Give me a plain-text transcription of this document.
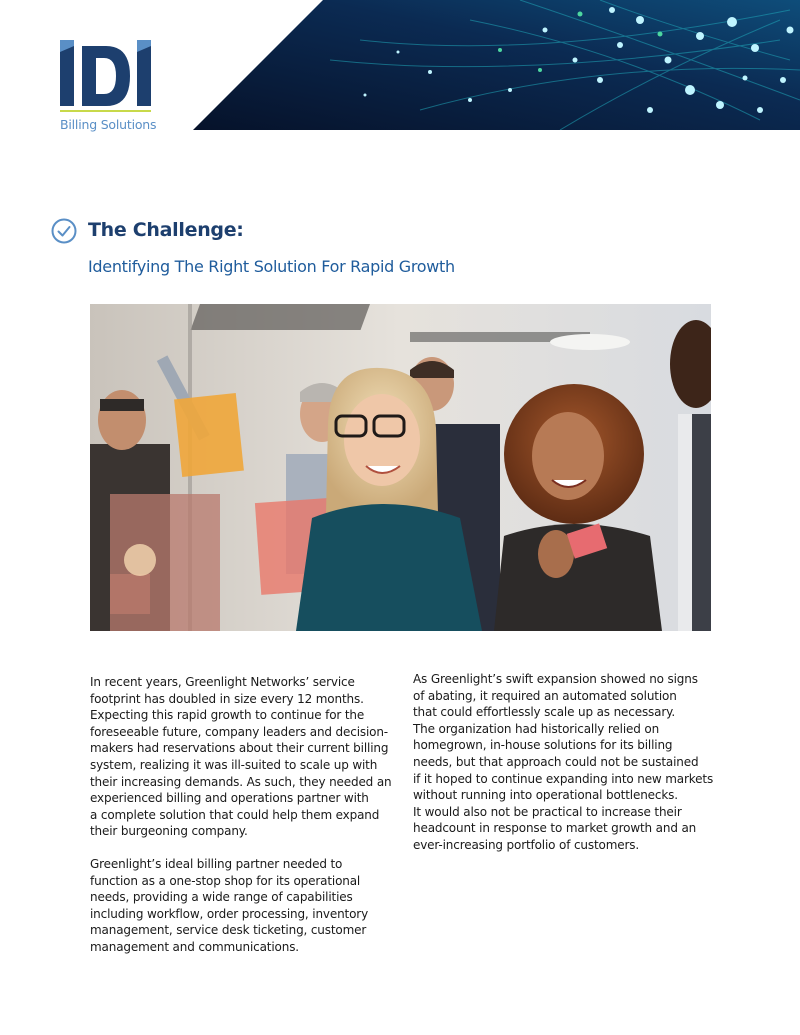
Billing Solutions
The Challenge:
Identifying The Right Solution For Rapid Growth

In recent years, Greenlight Networks’ service

footprint has doubled in size every 12 months.

Expecting this rapid growth to continue for the

foreseeable future, company leaders and decision-

makers had reservations about their current billing

system, realizing it was ill-suited to scale up with

their increasing demands. As such, they needed an

experienced billing and operations partner with

a complete solution that could help them expand

their burgeoning company.

Greenlight’s ideal billing partner needed to

function as a one-stop shop for its operational

needs, providing a wide range of capabilities

including workflow, order processing, inventory

management, service desk ticketing, customer

management and communications.

As Greenlight’s swift expansion showed no signs

of abating, it required an automated solution

that could effortlessly scale up as necessary.

The organization had historically relied on

homegrown, in-house solutions for its billing

needs, but that approach could not be sustained

if it hoped to continue expanding into new markets

without running into operational bottlenecks.

It would also not be practical to increase their

headcount in response to market growth and an

ever-increasing portfolio of customers.
